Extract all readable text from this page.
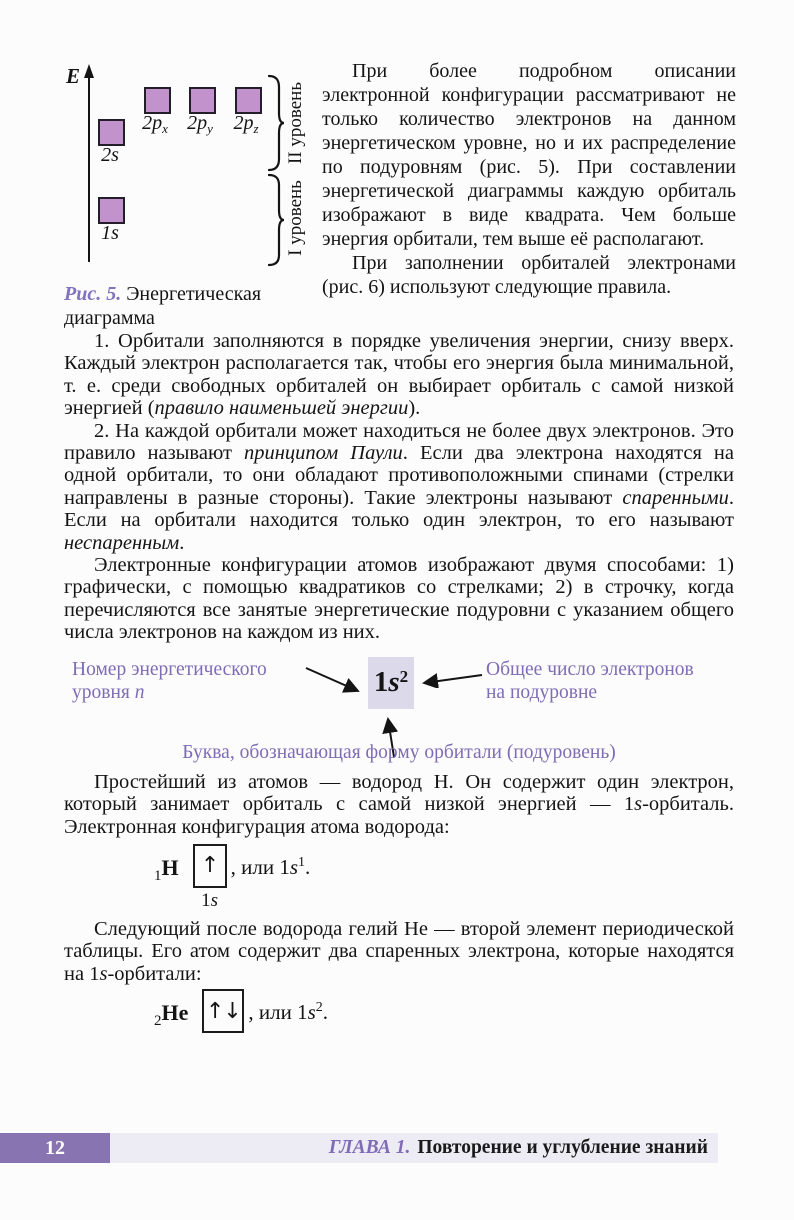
E
2s
$2p_x$ $2p_y$	$2p_z$
1s
II уровень
I уровень
Рис. 5. Энергетическая диаграмма

При более подробном описании электронной конфигурации рассматривают не только количество электронов на данном энергетическом уровне, но и их распределение по подуровням (рис. 5). При составлении энергетической диаграммы каждую орбиталь изображают в виде квадрата. Чем больше энергия орбитали, тем выше её располагают.

При заполнении орбиталей электронами (рис. 6) используют следующие правила.

1. Орбитали заполняются в порядке увеличения энергии, снизу вверх. Каждый электрон располагается так, чтобы его энергия была минимальной, т. е. среди свободных орбиталей он выбирает орбиталь с самой низкой энергией (правило наименьшей энергии).

2. На каждой орбитали может находиться не более двух электронов. Это правило называют принципом Паули. Если два электрона находятся на одной орбитали, то они обладают противоположными спинами (стрелки направлены в разные стороны). Такие электроны называют спаренными. Если на орбитали находится только один электрон, то его называют неспаренным.

Электронные конфигурации атомов изображают двумя способами: 1) графически, с помощью квадратиков со стрелками; 2) в строчку, когда перечисляются все занятые энергетические подуровни с указанием общего числа электронов на каждом из них.

Номер энергетического
уровня n	1 $s^2$	Общее число электронов
на подуровне
Буква, обозначающая форму орбитали (подуровень)

Простейший из атомов — водород H. Он содержит один электрон, который занимает орбиталь с самой низкой энергией — 1s-орбиталь. Электронная конфигурация атома водорода:

$_1$H	↑
1s
, или $1s^1$.

Следующий после водорода гелий He — второй элемент периодической таблицы. Его атом содержит два спаренных электрона, которые находятся на 1s-орбитали:

$_2$He ↑↓ , или $1s^2$.
12	ГЛАВА 1. Повторение и углубление знаний
